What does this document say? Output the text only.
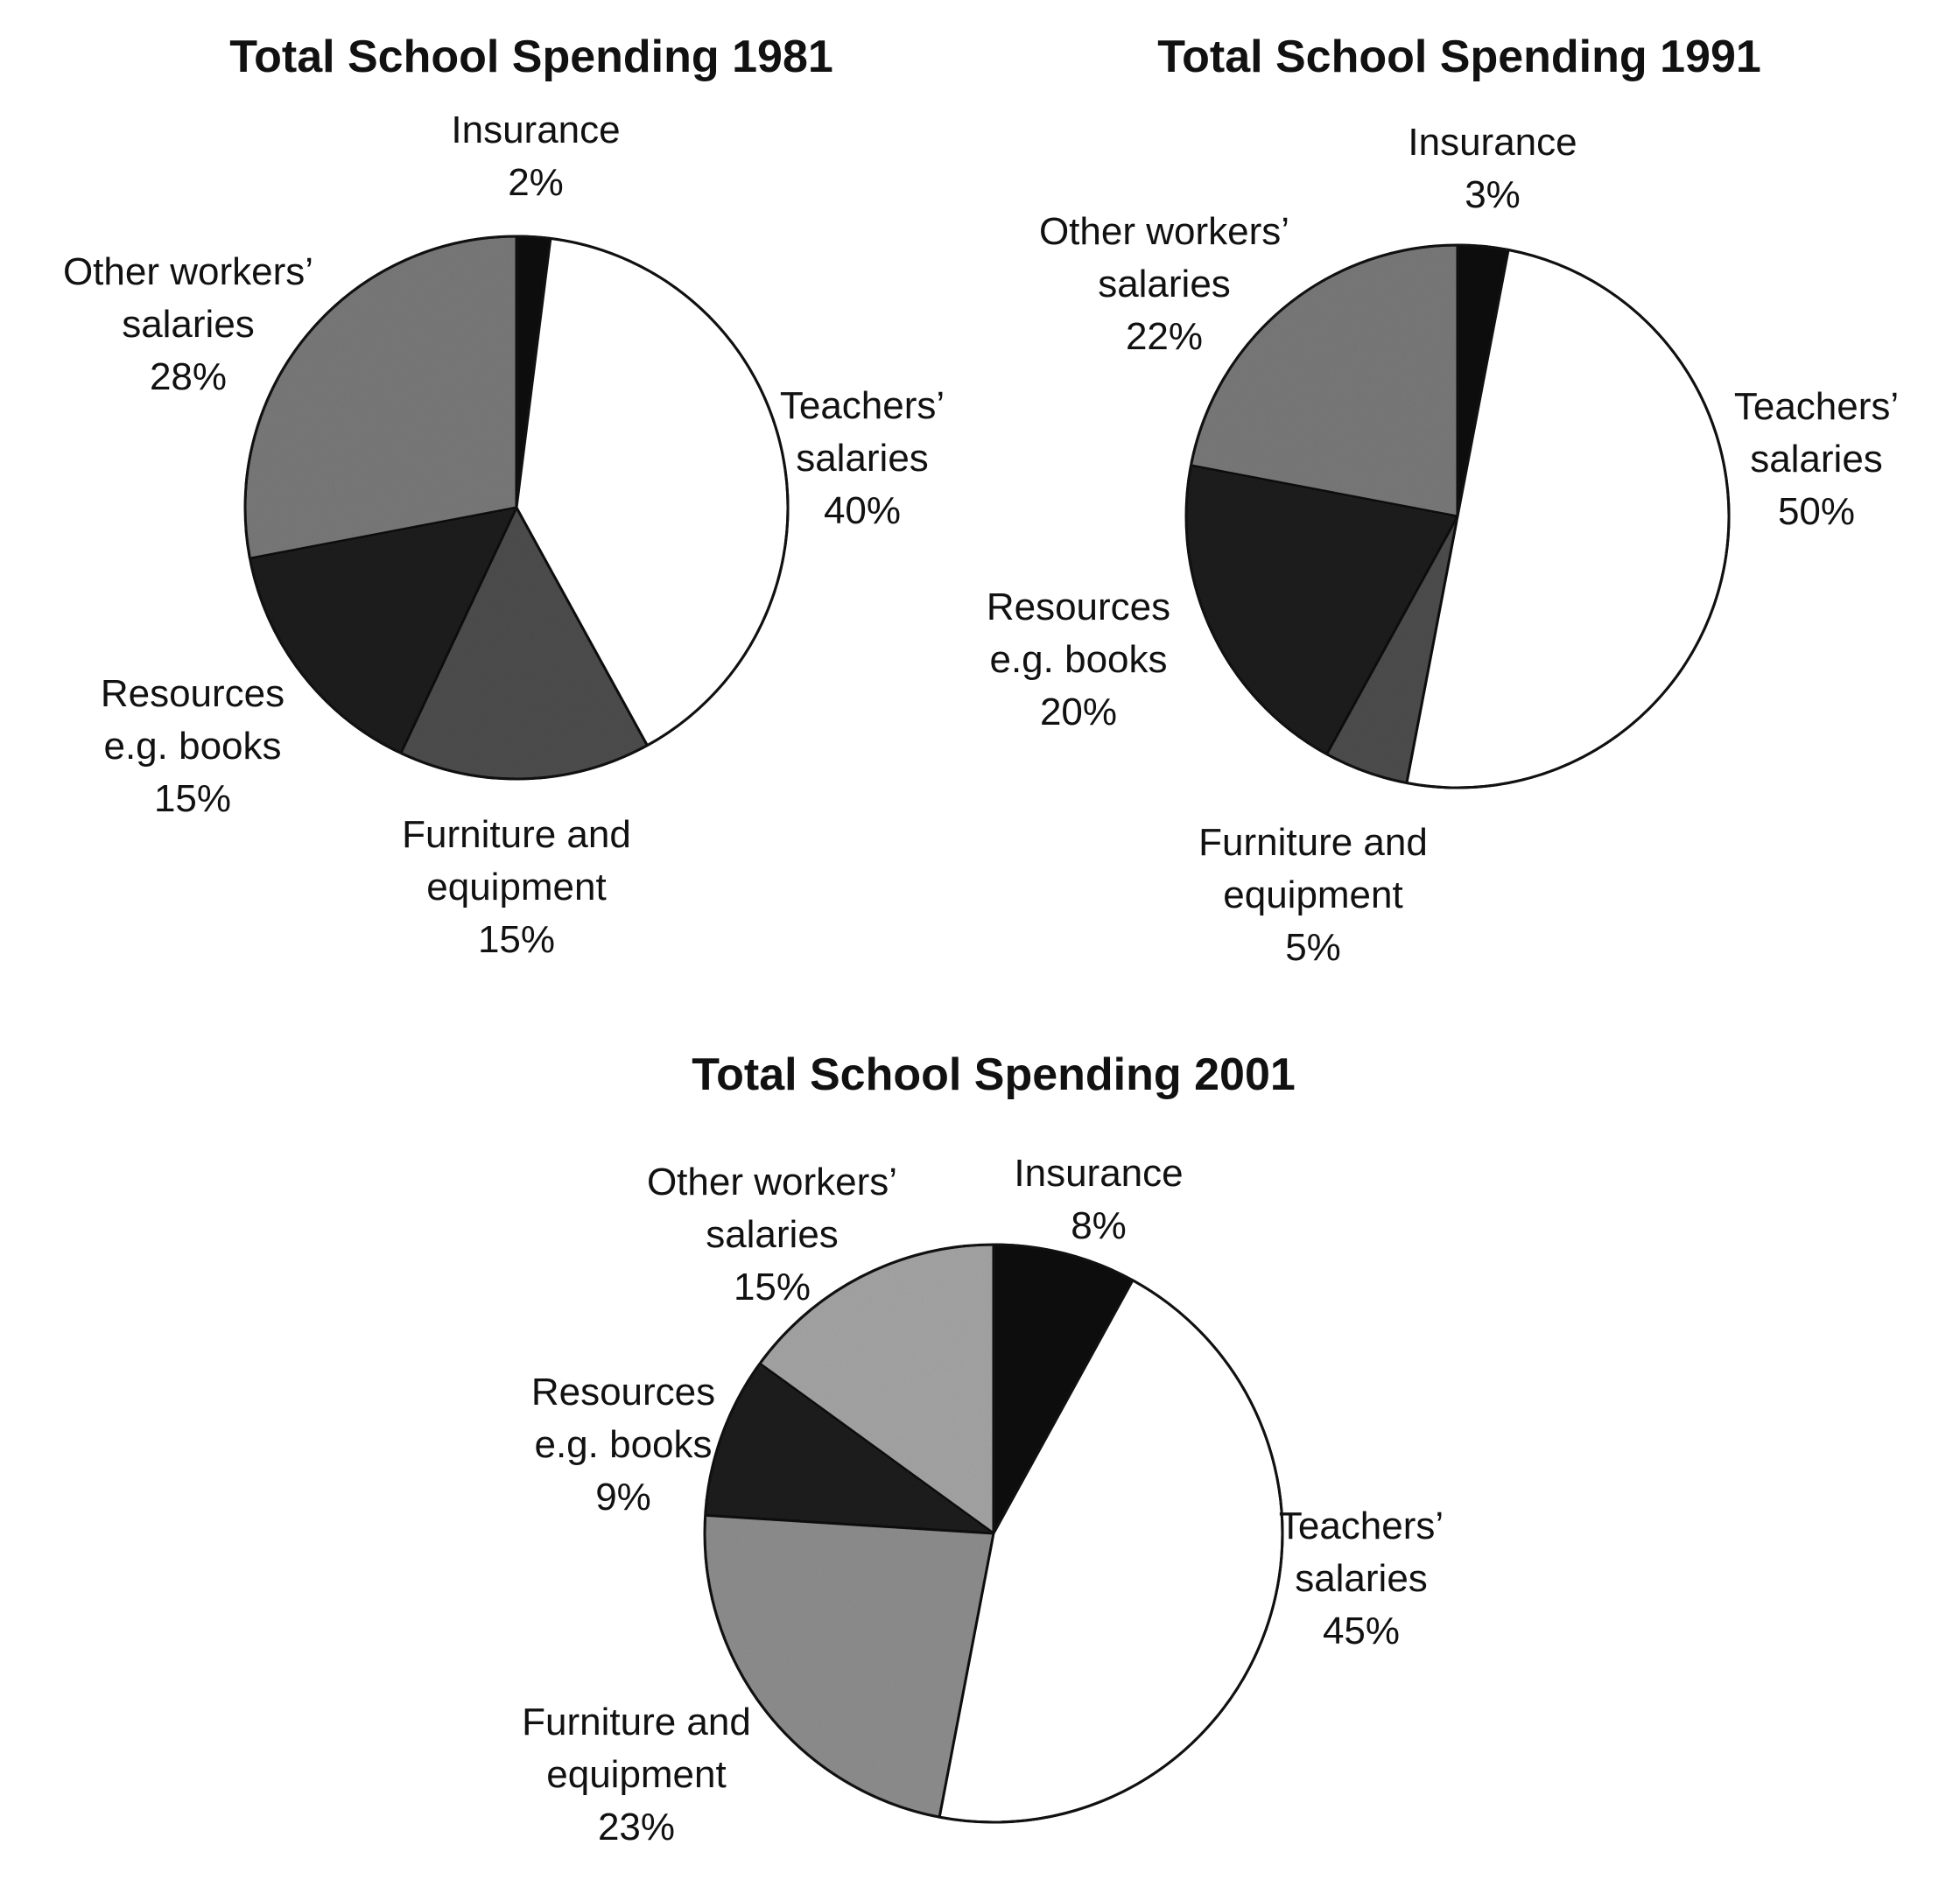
Total School Spending 1981
Insurance 2%
Teachers’ salaries 40%
Furniture and equipment 15%
Resources e.g. books 15%
Other workers’ salaries 28%
Total School Spending 1991
Insurance 3%
Teachers’ salaries 50%
Furniture and equipment 5%
Resources e.g. books 20%
Other workers’ salaries 22%
Total School Spending 2001
Insurance 8%
Teachers’ salaries 45%
Furniture and equipment 23%
Resources e.g. books 9%
Other workers’ salaries 15%
